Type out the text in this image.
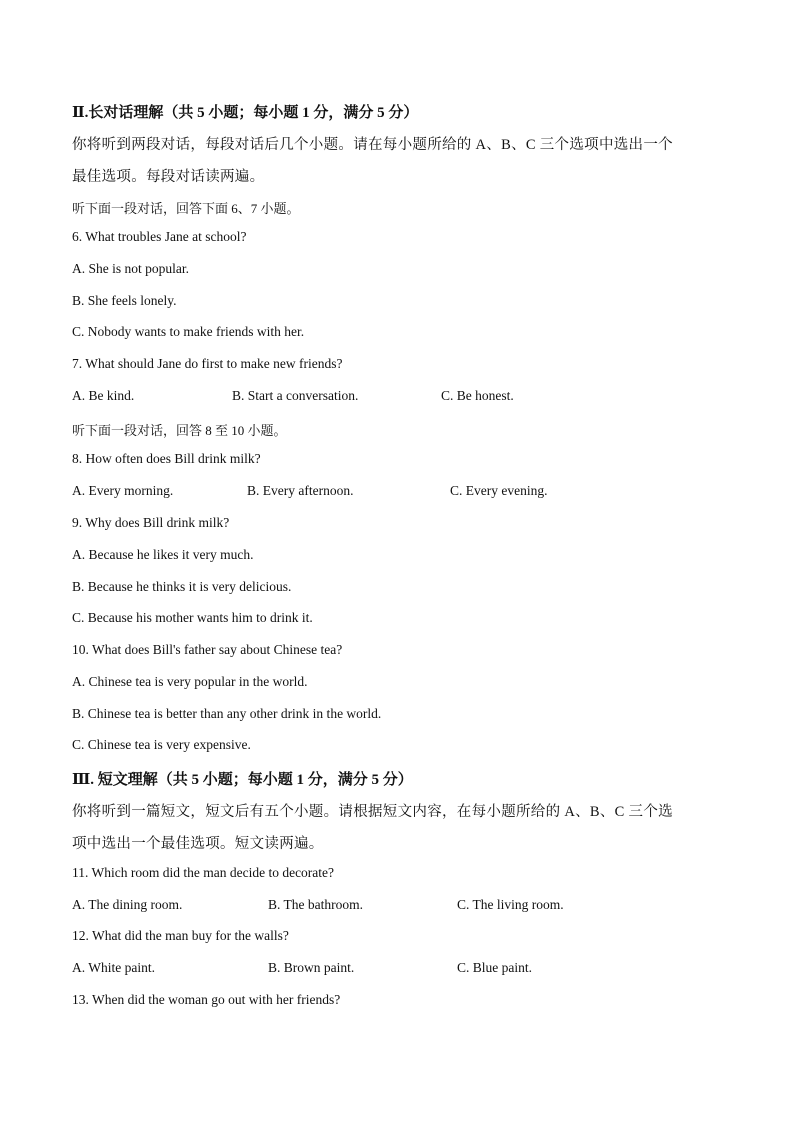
Ⅱ.长对话理解（共 5 小题；每小题 1 分，满分 5 分）
你将听到两段对话，每段对话后几个小题。请在每小题所给的 A、B、C 三个选项中选出一个
最佳选项。每段对话读两遍。
听下面一段对话，回答下面 6、7 小题。
6. What troubles Jane at school?
A. She is not popular.
B. She feels lonely.
C. Nobody wants to make friends with her.
7. What should Jane do first to make new friends?
A. Be kind.	B. Start a conversation.	C. Be honest.
听下面一段对话，回答 8 至 10 小题。
8. How often does Bill drink milk?
A. Every morning.	B. Every afternoon.	C. Every evening.
9. Why does Bill drink milk?
A. Because he likes it very much.
B. Because he thinks it is very delicious.
C. Because his mother wants him to drink it.
10. What does Bill's father say about Chinese tea?
A. Chinese tea is very popular in the world.
B. Chinese tea is better than any other drink in the world.
C. Chinese tea is very expensive.
Ⅲ. 短文理解（共 5 小题；每小题 1 分，满分 5 分）
你将听到一篇短文，短文后有五个小题。请根据短文内容，在每小题所给的 A、B、C 三个选
项中选出一个最佳选项。短文读两遍。
11. Which room did the man decide to decorate?
A. The dining room.	B. The bathroom.	C. The living room.
12. What did the man buy for the walls?
A. White paint.	B. Brown paint.	C. Blue paint.
13. When did the woman go out with her friends?
